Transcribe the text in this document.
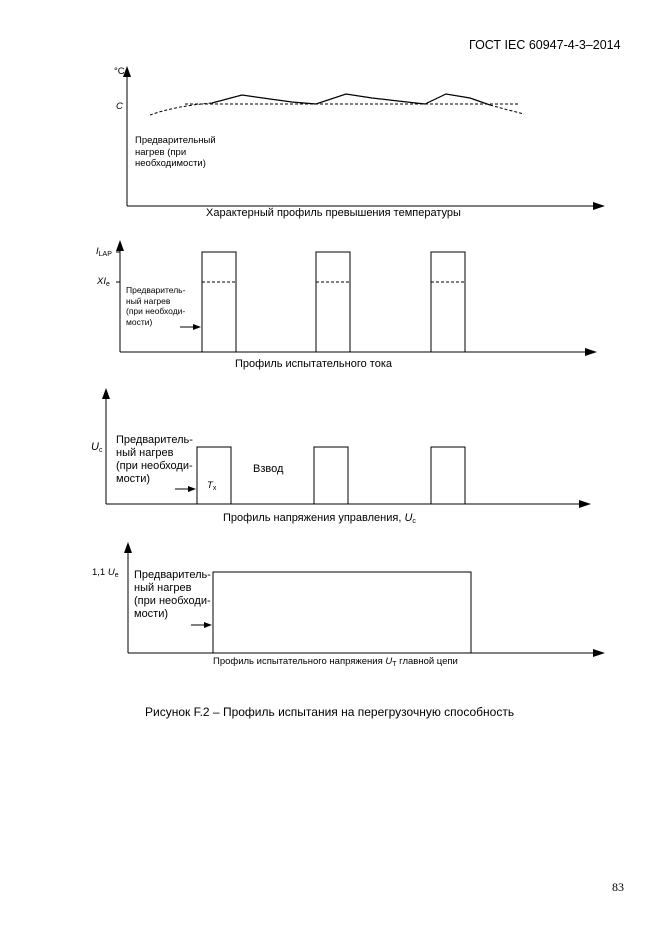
ГОСТ IEC 60947-4-3–2014
°C
C
Предварительный
нагрев (при
необходимости)
Характерный профиль превышения температуры
$I_{LAP}$
$XI_e$
Предваритель-
ный нагрев
(при необходи-
мости)
Профиль испытательного тока
$U_c$
Предваритель-
ный нагрев
(при необходи-
мости)
$T_x$
Взвод
Профиль напряжения управления, $U_c$
1,1 $U_e$ Предваритель-
ный нагрев
(при необходи-
мости)
Профиль испытательного напряжения $U_T$ главной цепи
Рисунок F.2 – Профиль испытания на перегрузочную способность
83
